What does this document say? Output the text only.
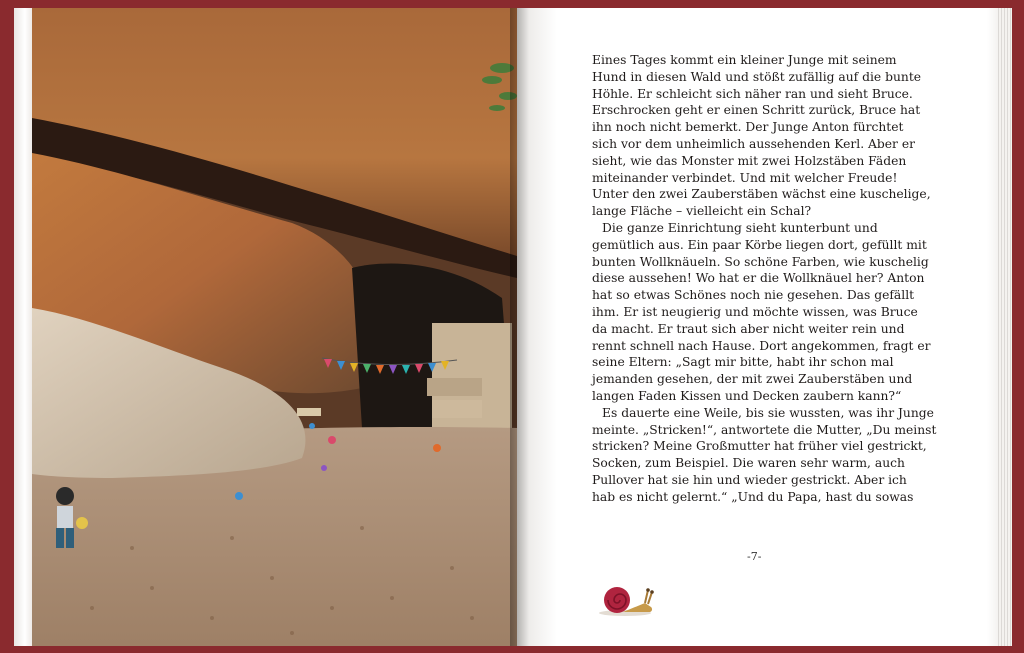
Eines Tages kommt ein kleiner Junge mit seinem
Hund in diesen Wald und stößt zufällig auf die bunte
Höhle. Er schleicht sich näher ran und sieht Bruce.
Erschrocken geht er einen Schritt zurück, Bruce hat
ihn noch nicht bemerkt. Der Junge Anton fürchtet
sich vor dem unheimlich aussehenden Kerl. Aber er
sieht, wie das Monster mit zwei Holzstäben Fäden
miteinander verbindet. Und mit welcher Freude!
Unter den zwei Zauberstäben wächst eine kuschelige,
lange Fläche – vielleicht ein Schal?
Die ganze Einrichtung sieht kunterbunt und
gemütlich aus. Ein paar Körbe liegen dort, gefüllt mit
bunten Wollknäueln. So schöne Farben, wie kuschelig
diese aussehen! Wo hat er die Wollknäuel her? Anton
hat so etwas Schönes noch nie gesehen. Das gefällt
ihm. Er ist neugierig und möchte wissen, was Bruce
da macht. Er traut sich aber nicht weiter rein und
rennt schnell nach Hause. Dort angekommen, fragt er
seine Eltern: „Sagt mir bitte, habt ihr schon mal
jemanden gesehen, der mit zwei Zauberstäben und
langen Faden Kissen und Decken zaubern kann?“
Es dauerte eine Weile, bis sie wussten, was ihr Junge
meinte. „Stricken!“, antwortete die Mutter, „Du meinst
stricken? Meine Großmutter hat früher viel gestrickt,
Socken, zum Beispiel. Die waren sehr warm, auch
Pullover hat sie hin und wieder gestrickt. Aber ich
hab es nicht gelernt.“ „Und du Papa, hast du sowas
-7-
